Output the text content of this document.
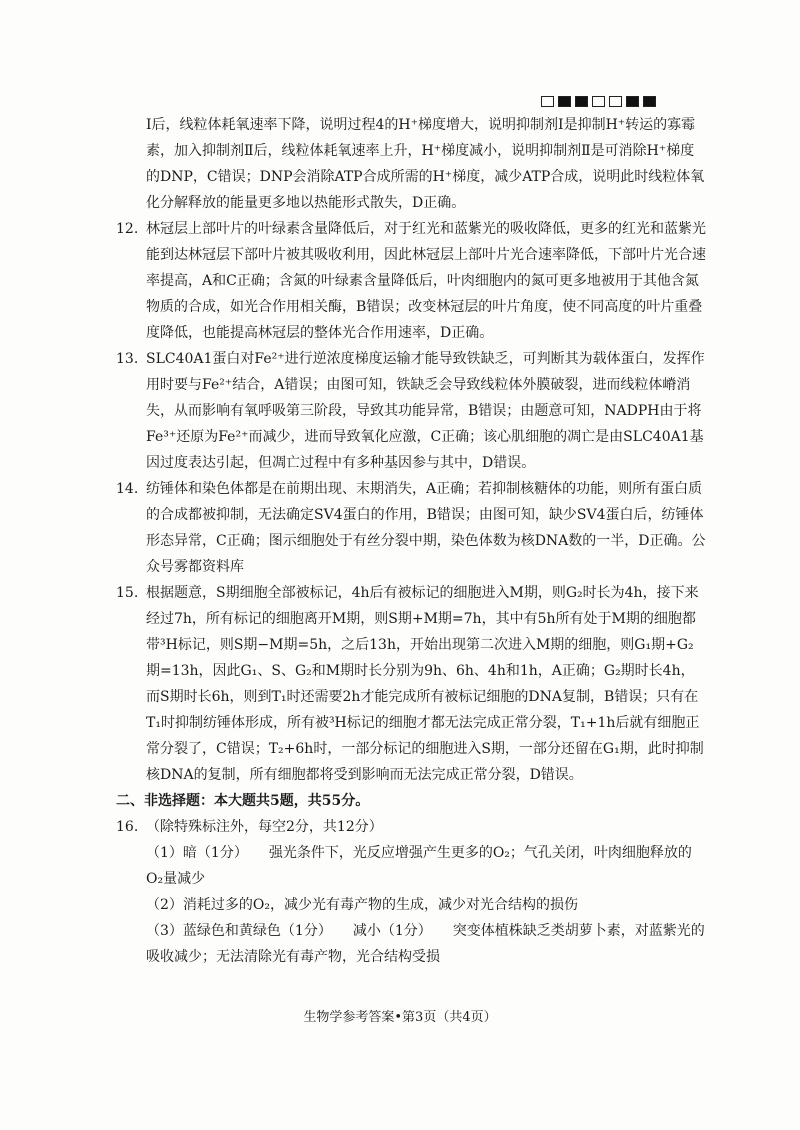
Ⅰ后，线粒体耗氧速率下降，说明过程4的H⁺梯度增大，说明抑制剂Ⅰ是抑制H⁺转运的寡霉素，加入抑制剂Ⅱ后，线粒体耗氧速率上升，H⁺梯度减小，说明抑制剂Ⅱ是可消除H⁺梯度的DNP，C错误；DNP会消除ATP合成所需的H⁺梯度，减少ATP合成，说明此时线粒体氧化分解释放的能量更多地以热能形式散失，D正确。

12. 林冠层上部叶片的叶绿素含量降低后，对于红光和蓝紫光的吸收降低，更多的红光和蓝紫光能到达林冠层下部叶片被其吸收利用，因此林冠层上部叶片光合速率降低，下部叶片光合速率提高，A和C正确；含氮的叶绿素含量降低后，叶肉细胞内的氮可更多地被用于其他含氮物质的合成，如光合作用相关酶，B错误；改变林冠层的叶片角度，使不同高度的叶片重叠度降低，也能提高林冠层的整体光合作用速率，D正确。

13. SLC40A1蛋白对Fe²⁺进行逆浓度梯度运输才能导致铁缺乏，可判断其为载体蛋白，发挥作用时要与Fe²⁺结合，A错误；由图可知，铁缺乏会导致线粒体外膜破裂，进而线粒体嵴消失，从而影响有氧呼吸第三阶段，导致其功能异常，B错误；由题意可知，NADPH由于将Fe³⁺还原为Fe²⁺而减少，进而导致氧化应激，C正确；该心肌细胞的凋亡是由SLC40A1基因过度表达引起，但凋亡过程中有多种基因参与其中，D错误。

14. 纺锤体和染色体都是在前期出现、末期消失，A正确；若抑制核糖体的功能，则所有蛋白质的合成都被抑制，无法确定SV4蛋白的作用，B错误；由图可知，缺少SV4蛋白后，纺锤体形态异常，C正确；图示细胞处于有丝分裂中期，染色体数为核DNA数的一半，D正确。公众号雾都资料库

15. 根据题意，S期细胞全部被标记，4h后有被标记的细胞进入M期，则G₂时长为4h，接下来经过7h，所有标记的细胞离开M期，则S期+M期=7h，其中有5h所有处于M期的细胞都带³H标记，则S期−M期=5h，之后13h，开始出现第二次进入M期的细胞，则G₁期+G₂期=13h，因此G₁、S、G₂和M期时长分别为9h、6h、4h和1h，A正确；G₂期时长4h，而S期时长6h，则到T₁时还需要2h才能完成所有被标记细胞的DNA复制，B错误；只有在T₁时抑制纺锤体形成，所有被³H标记的细胞才都无法完成正常分裂，T₁+1h后就有细胞正常分裂了，C错误；T₂+6h时，一部分标记的细胞进入S期，一部分还留在G₁期，此时抑制核DNA的复制，所有细胞都将受到影响而无法完成正常分裂，D错误。

二、非选择题：本大题共5题，共55分。

16. （除特殊标注外，每空2分，共12分）

（1）暗（1分）　　强光条件下，光反应增强产生更多的O₂；气孔关闭，叶肉细胞释放的O₂量减少

（2）消耗过多的O₂，减少光有毒产物的生成，减少对光合结构的损伤

（3）蓝绿色和黄绿色（1分）　　减小（1分）　　突变体植株缺乏类胡萝卜素，对蓝紫光的吸收减少；无法清除光有毒产物，光合结构受损

生物学参考答案•第3页（共4页）
